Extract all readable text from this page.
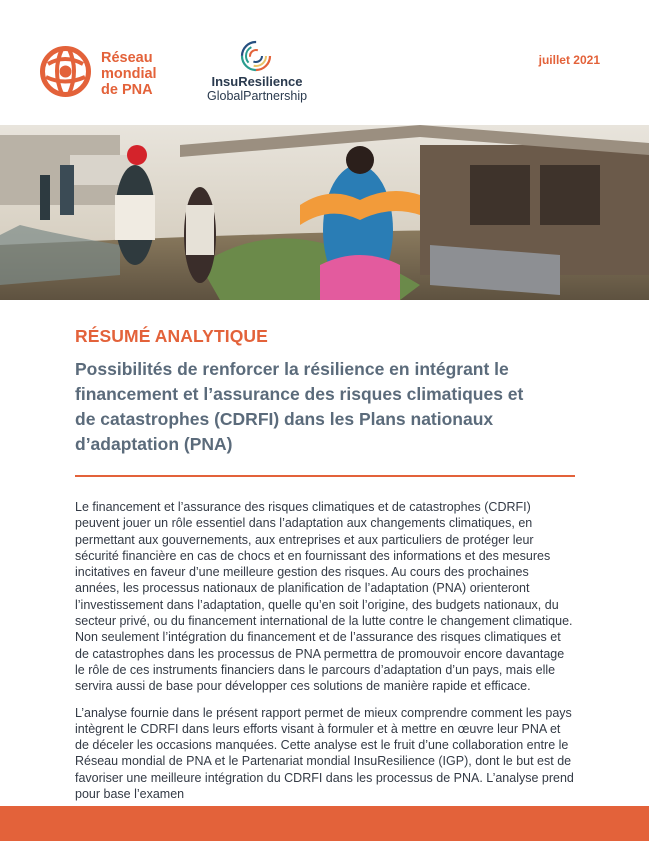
Réseau
mondial
de PNA
InsuResilience
GlobalPartnership
juillet 2021
RÉSUMÉ ANALYTIQUE
Possibilités de renforcer la résilience en intégrant le financement et l’assurance des risques climatiques et de catastrophes (CDRFI) dans les Plans nationaux d’adaptation (PNA)

Le financement et l’assurance des risques climatiques et de catastrophes (CDRFI) peuvent jouer un rôle essentiel dans l’adaptation aux changements climatiques, en permettant aux gouvernements, aux entreprises et aux particuliers de protéger leur sécurité financière en cas de chocs et en fournissant des informations et des mesures incitatives en faveur d’une meilleure gestion des risques. Au cours des prochaines années, les processus nationaux de planification de l’adaptation (PNA) orienteront l’investissement dans l’adaptation, quelle qu’en soit l’origine, des budgets nationaux, du secteur privé, ou du financement international de la lutte contre le changement climatique. Non seulement l’intégration du financement et de l’assurance des risques climatiques et de catastrophes dans les processus de PNA permettra de promouvoir encore davantage le rôle de ces instruments financiers dans le parcours d’adaptation d’un pays, mais elle servira aussi de base pour développer ces solutions de manière rapide et efficace.

L’analyse fournie dans le présent rapport permet de mieux comprendre comment les pays intègrent le CDRFI dans leurs efforts visant à formuler et à mettre en œuvre leur PNA et de déceler les occasions manquées. Cette analyse est le fruit d’une collaboration entre le Réseau mondial de PNA et le Partenariat mondial InsuResilience (IGP), dont le but est de favoriser une meilleure intégration du CDRFI dans les processus de PNA. L’analyse prend pour base l’examen
